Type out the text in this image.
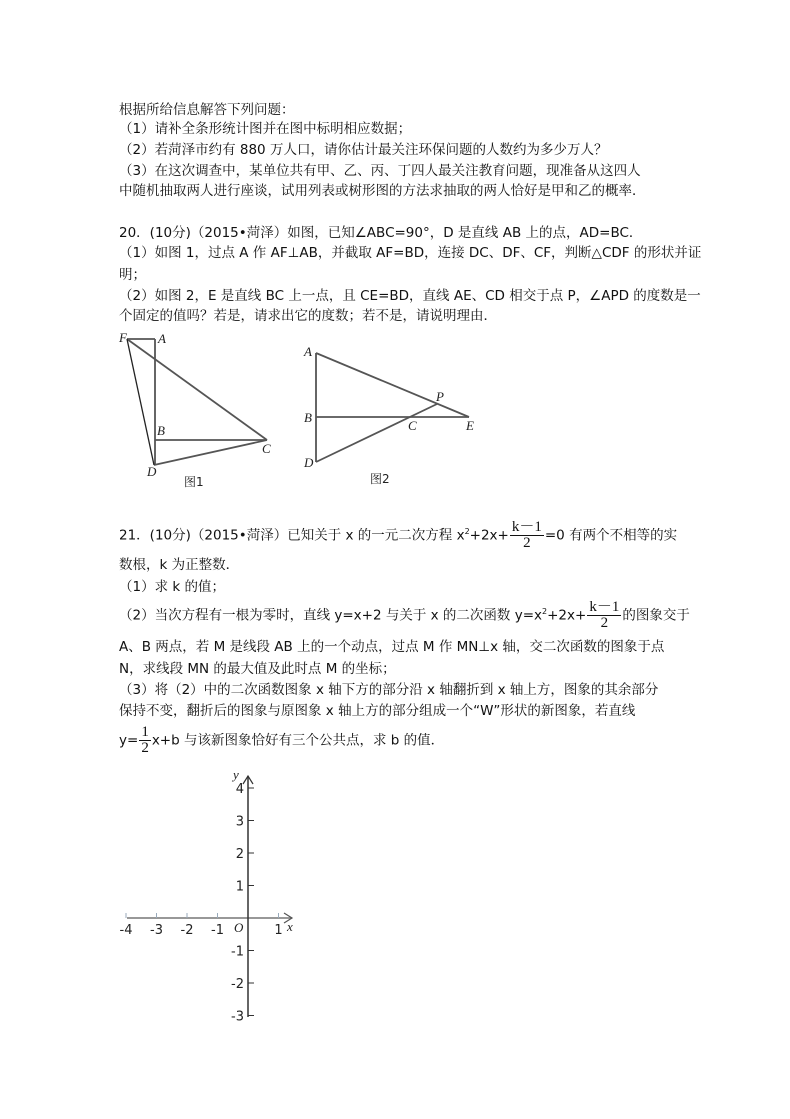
根据所给信息解答下列问题：
（1）请补全条形统计图并在图中标明相应数据；
（2）若菏泽市约有 880 万人口，请你估计最关注环保问题的人数约为多少万人？
（3）在这次调查中，某单位共有甲、乙、丙、丁四人最关注教育问题，现准备从这四人
中随机抽取两人进行座谈，试用列表或树形图的方法求抽取的两人恰好是甲和乙的概率．
20．(10分)（2015•菏泽）如图，已知∠ABC=90°，D 是直线 AB 上的点，AD=BC．
（1）如图 1，过点 A 作 AF⊥AB，并截取 AF=BD，连接 DC、DF、CF，判断△CDF 的形状并证
明；
（2）如图 2，E 是直线 BC 上一点，且 CE=BD，直线 AE、CD 相交于点 P，∠APD 的度数是一
个固定的值吗？若是，请求出它的度数；若不是，请说明理由．
21．(10分)（2015•菏泽）已知关于 x 的一元二次方程 $x^2+2x+ \frac{k-1}{2} =0$ 有两个不相等的实
数根，k 为正整数．
（1）求 k 的值；
（2）当次方程有一根为零时，直线 y=x+2 与关于 x 的二次函数 $y=x^2+2x+ \frac{k-1}{2}$ 的图象交于
A、B 两点，若 M 是线段 AB 上的一个动点，过点 M 作 MN⊥x 轴，交二次函数的图象于点
N，求线段 MN 的最大值及此时点 M 的坐标；
（3）将（2）中的二次函数图象 x 轴下方的部分沿 x 轴翻折到 x 轴上方，图象的其余部分
保持不变，翻折后的图象与原图象 x 轴上方的部分组成一个“W”形状的新图象，若直线
$y= \frac{1}{2} x+b$ 与该新图象恰好有三个公共点，求 b 的值．
F A
B
C
D
图1
A
B
C	E
P
D
图2
-4 -3 -2 -1	1
4
3
2
1
-1
-2
-3
x
y
O
